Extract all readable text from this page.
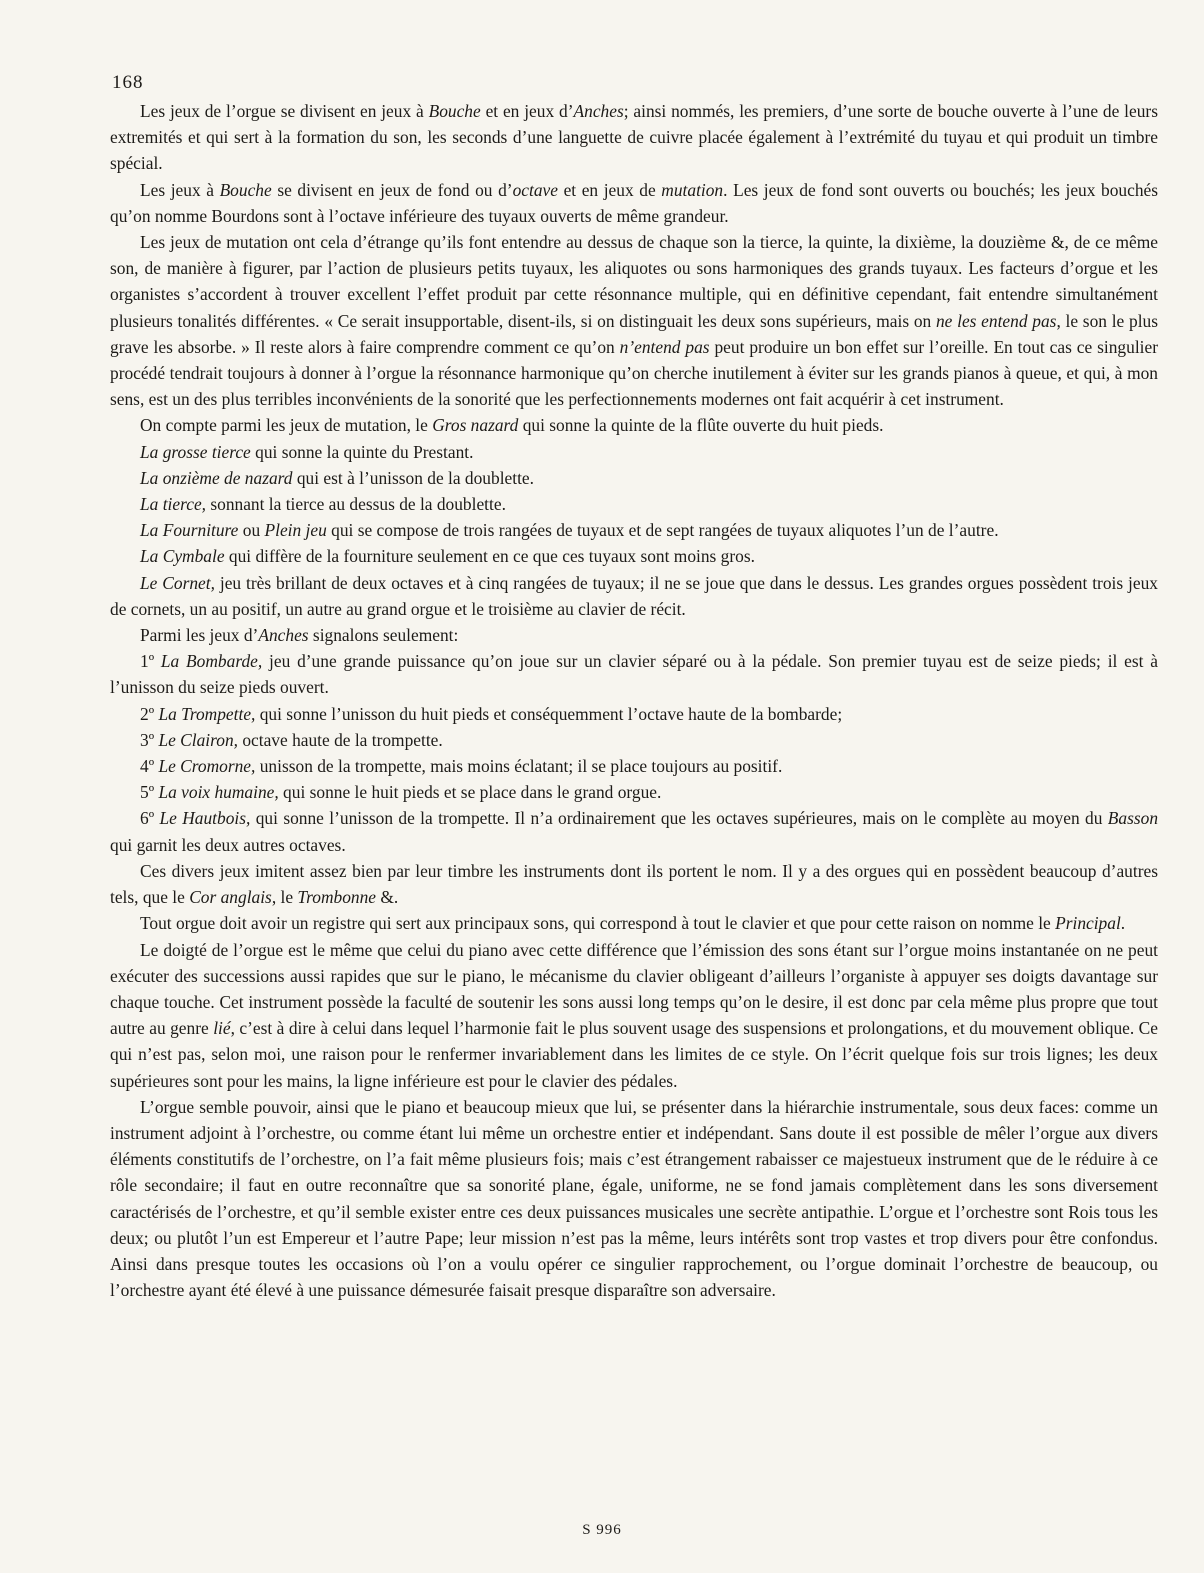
168

Les jeux de l’orgue se divisent en jeux à Bouche et en jeux d’Anches; ainsi nommés, les premiers, d’une sorte de bouche ouverte à l’une de leurs extremités et qui sert à la formation du son, les seconds d’une languette de cuivre placée également à l’extrémité du tuyau et qui produit un timbre spécial.

Les jeux à Bouche se divisent en jeux de fond ou d’octave et en jeux de mutation. Les jeux de fond sont ouverts ou bouchés; les jeux bouchés qu’on nomme Bourdons sont à l’octave inférieure des tuyaux ouverts de même grandeur.

Les jeux de mutation ont cela d’étrange qu’ils font entendre au dessus de chaque son la tierce, la quinte, la dixième, la douzième &, de ce même son, de manière à figurer, par l’action de plusieurs petits tuyaux, les aliquotes ou sons harmoniques des grands tuyaux. Les facteurs d’orgue et les organistes s’accordent à trouver excellent l’effet produit par cette résonnance multiple, qui en définitive cependant, fait entendre simultanément plusieurs tonalités différentes. « Ce serait insupportable, disent-ils, si on distinguait les deux sons supérieurs, mais on ne les entend pas, le son le plus grave les absorbe. » Il reste alors à faire comprendre comment ce qu’on n’entend pas peut produire un bon effet sur l’oreille. En tout cas ce singulier procédé tendrait toujours à donner à l’orgue la résonnance harmonique qu’on cherche inutilement à éviter sur les grands pianos à queue, et qui, à mon sens, est un des plus terribles inconvénients de la sonorité que les perfectionnements modernes ont fait acquérir à cet instrument.

On compte parmi les jeux de mutation, le Gros nazard qui sonne la quinte de la flûte ouverte du huit pieds.

La grosse tierce qui sonne la quinte du Prestant.

La onzième de nazard qui est à l’unisson de la doublette.

La tierce, sonnant la tierce au dessus de la doublette.

La Fourniture ou Plein jeu qui se compose de trois rangées de tuyaux et de sept rangées de tuyaux aliquotes l’un de l’autre.

La Cymbale qui diffère de la fourniture seulement en ce que ces tuyaux sont moins gros.

Le Cornet, jeu très brillant de deux octaves et à cinq rangées de tuyaux; il ne se joue que dans le dessus. Les grandes orgues possèdent trois jeux de cornets, un au positif, un autre au grand orgue et le troisième au clavier de récit.

Parmi les jeux d’Anches signalons seulement:

1º La Bombarde, jeu d’une grande puissance qu’on joue sur un clavier séparé ou à la pédale. Son premier tuyau est de seize pieds; il est à l’unisson du seize pieds ouvert.

2º La Trompette, qui sonne l’unisson du huit pieds et conséquemment l’octave haute de la bombarde;

3º Le Clairon, octave haute de la trompette.

4º Le Cromorne, unisson de la trompette, mais moins éclatant; il se place toujours au positif.

5º La voix humaine, qui sonne le huit pieds et se place dans le grand orgue.

6º Le Hautbois, qui sonne l’unisson de la trompette. Il n’a ordinairement que les octaves supérieures, mais on le complète au moyen du Basson qui garnit les deux autres octaves.

Ces divers jeux imitent assez bien par leur timbre les instruments dont ils portent le nom. Il y a des orgues qui en possèdent beaucoup d’autres tels, que le Cor anglais, le Trombonne &.

Tout orgue doit avoir un registre qui sert aux principaux sons, qui correspond à tout le clavier et que pour cette raison on nomme le Principal.

Le doigté de l’orgue est le même que celui du piano avec cette différence que l’émission des sons étant sur l’orgue moins instantanée on ne peut exécuter des successions aussi rapides que sur le piano, le mécanisme du clavier obligeant d’ailleurs l’organiste à appuyer ses doigts davantage sur chaque touche. Cet instrument possède la faculté de soutenir les sons aussi long temps qu’on le desire, il est donc par cela même plus propre que tout autre au genre lié, c’est à dire à celui dans lequel l’harmonie fait le plus souvent usage des suspensions et prolongations, et du mouvement oblique. Ce qui n’est pas, selon moi, une raison pour le renfermer invariablement dans les limites de ce style. On l’écrit quelque fois sur trois lignes; les deux supérieures sont pour les mains, la ligne inférieure est pour le clavier des pédales.

L’orgue semble pouvoir, ainsi que le piano et beaucoup mieux que lui, se présenter dans la hiérarchie instrumentale, sous deux faces: comme un instrument adjoint à l’orchestre, ou comme étant lui même un orchestre entier et indépendant. Sans doute il est possible de mêler l’orgue aux divers éléments constitutifs de l’orchestre, on l’a fait même plusieurs fois; mais c’est étrangement rabaisser ce majestueux instrument que de le réduire à ce rôle secondaire; il faut en outre reconnaître que sa sonorité plane, égale, uniforme, ne se fond jamais complètement dans les sons diversement caractérisés de l’orchestre, et qu’il semble exister entre ces deux puissances musicales une secrète antipathie. L’orgue et l’orchestre sont Rois tous les deux; ou plutôt l’un est Empereur et l’autre Pape; leur mission n’est pas la même, leurs intérêts sont trop vastes et trop divers pour être confondus. Ainsi dans presque toutes les occasions où l’on a voulu opérer ce singulier rapprochement, ou l’orgue dominait l’orchestre de beaucoup, ou l’orchestre ayant été élevé à une puissance démesurée faisait presque disparaître son adversaire.

S 996
